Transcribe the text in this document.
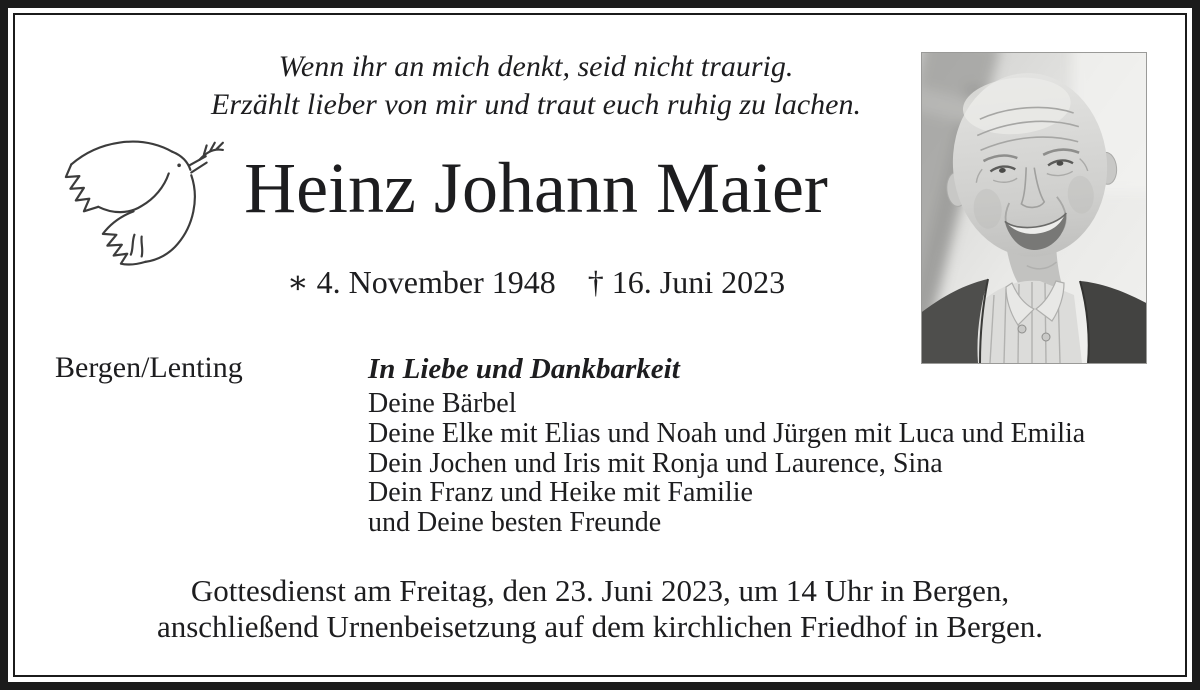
Wenn ihr an mich denkt, seid nicht traurig.
Erzählt lieber von mir und traut euch ruhig zu lachen.
Heinz Johann Maier
∗ 4. November 1948 † 16. Juni 2023
Bergen/Lenting	In Liebe und Dankbarkeit
Deine Bärbel
Deine Elke mit Elias und Noah und Jürgen mit Luca und Emilia
Dein Jochen und Iris mit Ronja und Laurence, Sina
Dein Franz und Heike mit Familie
und Deine besten Freunde
Gottesdienst am Freitag, den 23. Juni 2023, um 14 Uhr in Bergen,
anschließend Urnenbeisetzung auf dem kirchlichen Friedhof in Bergen.
